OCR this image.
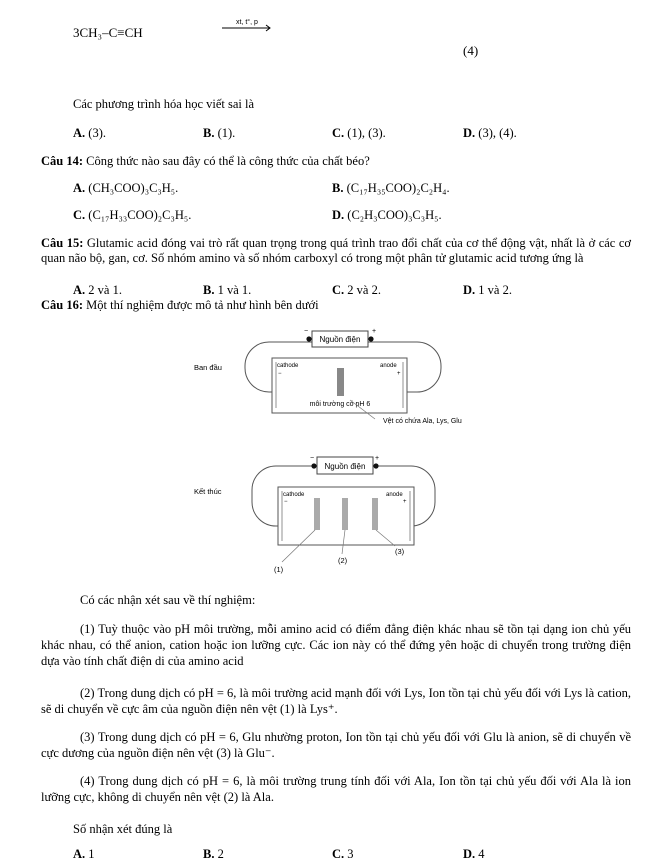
3CH₃–C≡CH
xt, t°, p
(4)
Các phương trình hóa học viết sai là
A. (3).	B. (1).	C. (1), (3).	D. (3), (4).
Câu 14: Công thức nào sau đây có thể là công thức của chất béo?
A. (CH₃COO)₃C₃H₅.	B. (C₁₇H₃₅COO)₂C₂H₄.
C. (C₁₇H₃₃COO)₂C₃H₅.	D. (C₂H₃COO)₃C₃H₅.
Câu 15: Glutamic acid đóng vai trò rất quan trọng trong quá trình trao đổi chất của cơ thể động vật, nhất là ở các cơ quan não bộ, gan, cơ. Số nhóm amino và số nhóm carboxyl có trong một phân tử glutamic acid tương ứng là
A. 2 và 1.	B. 1 và 1.	C. 2 và 2.	D. 1 và 2.
Câu 16: Một thí nghiệm được mô tả như hình bên dưới
Nguồn điện
−	+
cathode	anode
−	+
môi trường có pH 6
Vệt có chứa Ala, Lys, Glu
Ban đầu
Nguồn điện
−	+
cathode	anode
−	+
(1)
(2)
(3)
Kết thúc
Có các nhận xét sau về thí nghiệm:
(1) Tuỳ thuộc vào pH môi trường, mỗi amino acid có điểm đẳng điện khác nhau sẽ tồn tại dạng ion chủ yếu khác nhau, có thể anion, cation hoặc ion lưỡng cực. Các ion này có thể đứng yên hoặc di chuyển trong trường điện dựa vào tính chất điện di của amino acid
(2) Trong dung dịch có pH = 6, là môi trường acid mạnh đối với Lys, Ion tồn tại chủ yếu đối với Lys là cation, sẽ di chuyển về cực âm của nguồn điện nên vệt (1) là Lys⁺.
(3) Trong dung dịch có pH = 6, Glu nhường proton, Ion tồn tại chủ yếu đối với Glu là anion, sẽ di chuyển về cực dương của nguồn điện nên vệt (3) là Glu⁻.
(4) Trong dung dịch có pH = 6, là môi trường trung tính đối với Ala, Ion tồn tại chủ yếu đối với Ala là ion lưỡng cực, không di chuyển nên vệt (2) là Ala.
Số nhận xét đúng là
A. 1	B. 2	C. 3	D. 4
